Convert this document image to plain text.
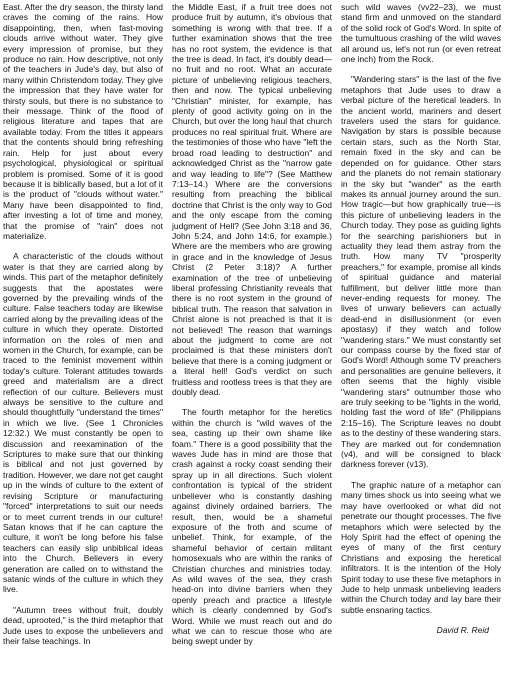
East. After the dry season, the thirsty land craves the coming of the rains. How disappointing, then, when fast-moving clouds arrive without water. They give every impression of promise, but they produce no rain. How descriptive, not only of the teachers in Jude's day, but also of many within Christendom today. They give the impression that they have water for thirsty souls, but there is no substance to their message. Think of the flood of religious literature and tapes that are available today. From the titles it appears that the contents should bring refreshing rain. Help for just about every psychological, physiological or spiritual problem is promised. Some of it is good because it is biblically based, but a lot of it is the product of "clouds without water." Many have been disappointed to find, after investing a lot of time and money, that the promise of "rain" does not materialize.

A characteristic of the clouds without water is that they are carried along by winds. This part of the metaphor definitely suggests that the apostates were governed by the prevailing winds of the culture. False teachers today are likewise carried along by the prevailing ideas of the culture in which they operate. Distorted information on the roles of men and women in the Church, for example, can be traced to the feminist movement within today's culture. Tolerant attitudes towards greed and materialism are a direct reflection of our culture. Believers must always be sensitive to the culture and should thoughtfully "understand the times" in which we live. (See 1 Chronicles 12:32.) We must constantly be open to discussion and reexamination of the Scriptures to make sure that our thinking is biblical and not just governed by tradition. However, we dare not get caught up in the winds of culture to the extent of revising Scripture or manufacturing "forced" interpretations to suit our needs or to meet current trends in our culture! Satan knows that if he can capture the culture, it won't be long before his false teachers can easily slip unbiblical ideas into the Church. Believers in every generation are called on to withstand the satanic winds of the culture in which they live.

"Autumn trees without fruit, doubly dead, uprooted," is the third metaphor that Jude uses to expose the unbelievers and their false teachings. In

the Middle East, if a fruit tree does not produce fruit by autumn, it's obvious that something is wrong with that tree. If a further examination shows that the tree has no root system, the evidence is that the tree is dead. In fact, it's doubly dead—no fruit and no root. What an accurate picture of unbelieving religious teachers, then and now. The typical unbelieving "Christian" minister, for example, has plenty of good activity going on in the Church, but over the long haul that church produces no real spiritual fruit. Where are the testimonies of those who have "left the broad road leading to destruction" and acknowledged Christ as the "narrow gate and way leading to life"? (See Matthew 7:13–14.) Where are the conversions resulting from preaching the biblical doctrine that Christ is the only way to God and the only escape from the coming judgment of Hell? (See John 3:18 and 36, John 5:24, and John 14:6, for example.) Where are the members who are growing in grace and in the knowledge of Jesus Christ (2 Peter 3:18)? A further examination of the tree of unbelieving liberal professing Christianity reveals that there is no root system in the ground of biblical truth. The reason that salvation in Christ alone is not preached is that it is not believed! The reason that warnings about the judgment to come are not proclaimed is that these ministers don't believe that there is a coming judgment or a literal hell! God's verdict on such fruitless and rootless trees is that they are doubly dead.

The fourth metaphor for the heretics within the church is "wild waves of the sea, casting up their own shame like foam." There is a good possibility that the waves Jude has in mind are those that crash against a rocky coast sending their spray up in all directions. Such violent confrontation is typical of the strident unbeliever who is constantly dashing against divinely ordained barriers. The result, then, would be a shameful exposure of the froth and scume of unbelief. Think, for example, of the shameful behavior of certain militant homosexuals who are within the ranks of Christian churches and ministries today. As wild waves of the sea, they crash head-on into divine barriers when they openly preach and practice a lifestyle which is clearly condemned by God's Word. While we must reach out and do what we can to rescue those who are being swept under by

such wild waves (vv22–23), we must stand firm and unmoved on the standard of the solid rock of God's Word. In spite of the tumultuous crashing of the wild waves all around us, let's not run (or even retreat one inch) from the Rock.

"Wandering stars" is the last of the five metaphors that Jude uses to draw a verbal picture of the heretical leaders. In the ancient world, mariners and desert travelers used the stars for guidance. Navigation by stars is possible because certain stars, such as the North Star, remain fixed in the sky and can be depended on for guidance. Other stars and the planets do not remain stationary in the sky but "wander" as the earth makes its annual journey around the sun. How tragic—but how graphically true—is this picture of unbelieving leaders in the Church today. They pose as guiding lights for the searching parishioners but in actuality they lead them astray from the truth. How many TV "prosperity preachers," for example, promise all kinds of spiritual guidance and material fulfillment, but deliver little more than never-ending requests for money. The lives of unwary believers can actually dead-end in disillusionment (or even apostasy) if they watch and follow "wandering stars." We must constantly set our compass course by the fixed star of God's Word! Although some TV preachers and personalities are genuine believers, it often seems that the highly visible "wandering stars" outnumber those who are truly seeking to be "lights in the world, holding fast the word of life" (Philippians 2:15–16). The Scripture leaves no doubt as to the destiny of these wandering stars. They are marked out for condemnation (v4), and will be consigned to black darkness forever (v13).

The graphic nature of a metaphor can many times shock us into seeing what we may have overlooked or what did not penetrate our thought processes. The five metaphors which were selected by the Holy Spirit had the effect of opening the eyes of many of the first century Christians and exposing the heretical infiltrators. It is the intention of the Holy Spirit today to use these five metaphors in Jude to help unmask unbelieving leaders within the Church today and lay bare their subtle ensnaring tactics.

David R. Reid
